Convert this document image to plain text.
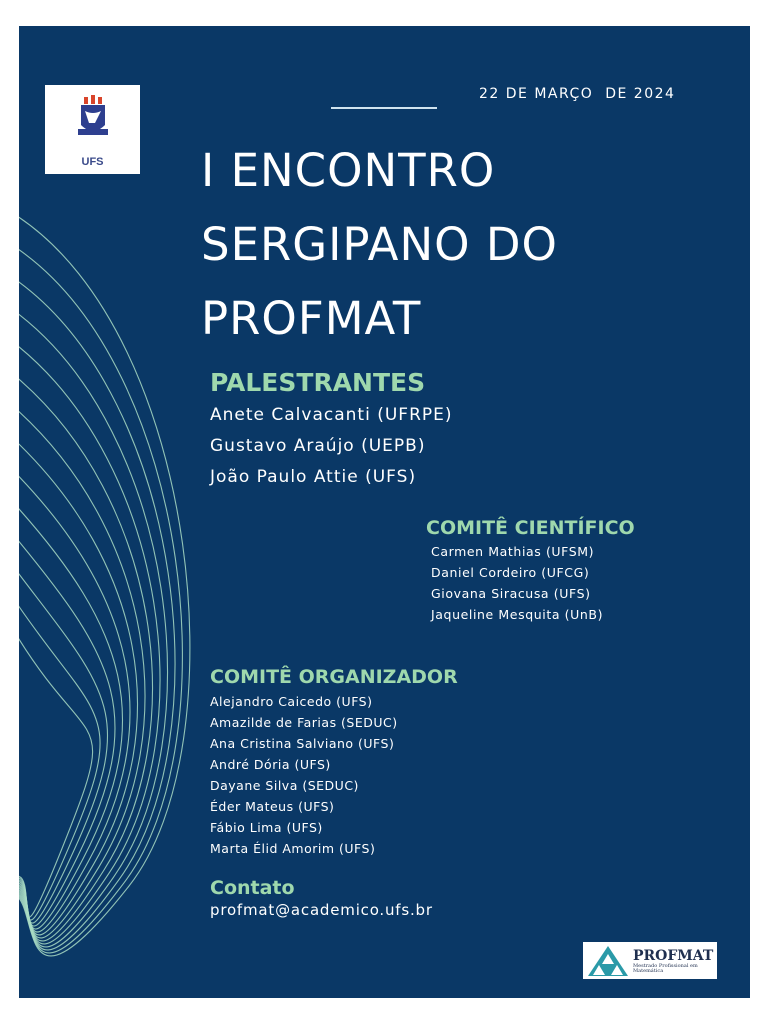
UFS
22 DE MARÇO  DE 2024
I ENCONTRO
SERGIPANO DO
PROFMAT
PALESTRANTES
Anete Calvacanti (UFRPE)
Gustavo Araújo (UEPB)
João Paulo Attie (UFS)
COMITÊ CIENTÍFICO
Carmen Mathias (UFSM)
Daniel Cordeiro (UFCG)
Giovana Siracusa (UFS)
Jaqueline Mesquita (UnB)
COMITÊ ORGANIZADOR
Alejandro Caicedo (UFS)
Amazilde de Farias (SEDUC)
Ana Cristina Salviano (UFS)
André Dória (UFS)
Dayane Silva (SEDUC)
Éder Mateus (UFS)
Fábio Lima (UFS)
Marta Élid Amorim (UFS)
Contato
profmat@academico.ufs.br
PROFMAT
Mestrado Profissional em Matemática
